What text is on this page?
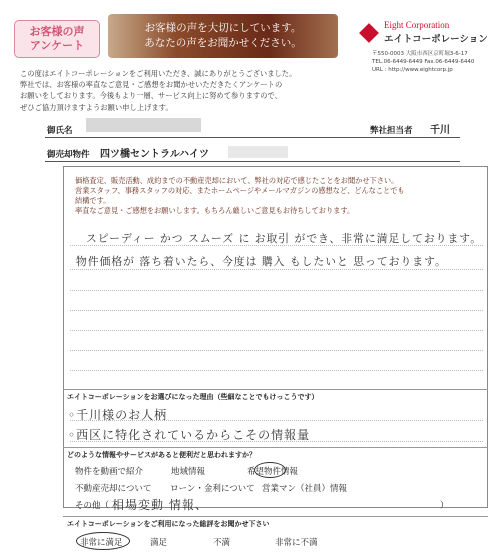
お客様の声
アンケート
お客様の声を大切にしています。
あなたの声をお聞かせください。
Eight Corporation
エイトコーポレーション
〒550-0003 大阪市西区京町堀3-6-17
TEL.06-6449-6449 Fax.06-6449-6440
URL : http://www.eightcorp.jp
この度はエイトコーポレーションをご利用いただき、誠にありがとうございました。
弊社では、お客様の率直なご意見・ご感想をお聞かせいただきたくアンケートの
お願いをしております。今後もより一層、サービス向上に努めて参りますので、
ぜひご協力頂けますようお願い申し上げます。
御氏名	弊社担当者 千川
御売却物件 四ツ橋セントラルハイツ

価格査定、販売活動、成約までの不動産売却において、弊社の対応で感じたことをお聞かせ下さい。

営業スタッフ、事務スタッフの対応、またホームページやメールマガジンの感想など、どんなことでも結構です。

率直なご意見・ご感想をお願いします。もちろん厳しいご意見もお待ちしております。

スピーディー かつ スムーズ に お取引 ができ、非常に満足しております。
物件価格が 落ち着いたら、今度は 購入 もしたいと 思っております。
エイトコーポレーションをお選びになった理由（些細なことでもけっこうです）
◦千川様のお人柄
◦西区に特化されているからこその情報量
どのような情報やサービスがあると便利だと思われますか？
物件を動画で紹介	地域情報	希望物件情報
不動産売却について ローン・金利について 営業マン（社員）情報
その他（ 相場変動 情報、	）
エイトコーポレーションをご利用になった総評をお聞かせ下さい
非常に満足	満足	不満	非常に不満
